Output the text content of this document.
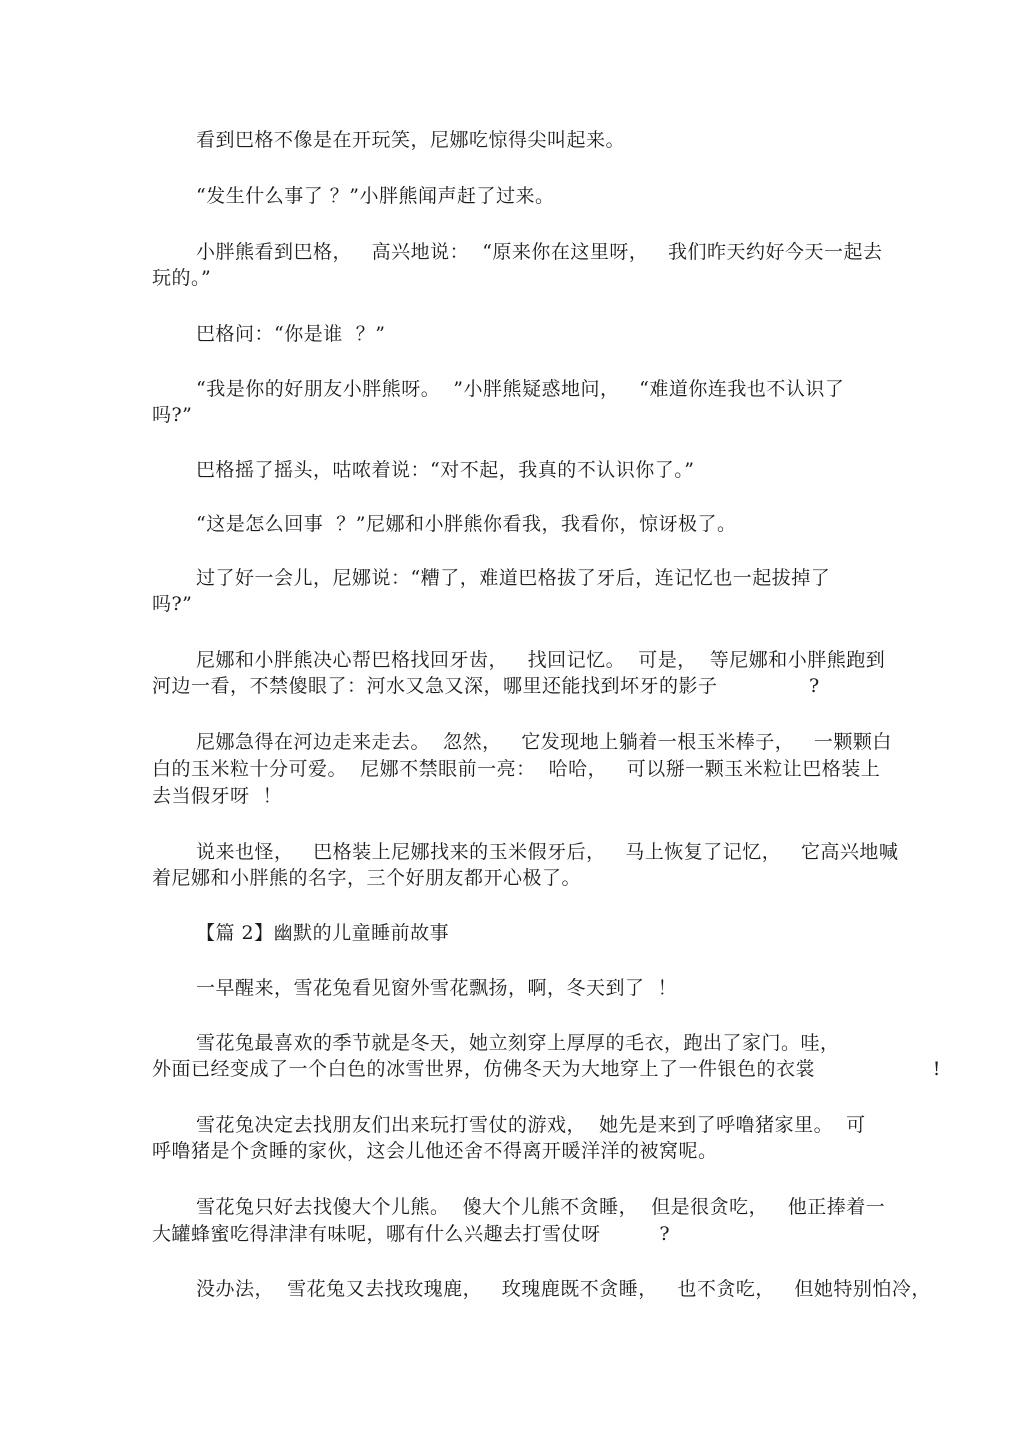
看到巴格不像是在开玩笑，尼娜吃惊得尖叫起来。
“发生什么事了 ？”小胖熊闻声赶了过来。
小胖熊看到巴格，   高兴地说：  “原来你在这里呀，   我们昨天约好今天一起去
玩的。”
巴格问：“你是谁  ？”
“我是你的好朋友小胖熊呀。  ”小胖熊疑惑地问，   “难道你连我也不认识了
吗?”
巴格摇了摇头，咕哝着说：“对不起，我真的不认识你了。”
“这是怎么回事  ？”尼娜和小胖熊你看我，我看你，惊讶极了。
过了好一会儿，尼娜说：“糟了，难道巴格拔了牙后，连记忆也一起拔掉了
吗?”
尼娜和小胖熊决心帮巴格找回牙齿，   找回记忆。  可是，  等尼娜和小胖熊跑到
河边一看，不禁傻眼了：河水又急又深，哪里还能找到坏牙的影子              ?
尼娜急得在河边走来走去。  忽然，   它发现地上躺着一根玉米棒子，   一颗颗白
白的玉米粒十分可爱。  尼娜不禁眼前一亮：  哈哈，   可以掰一颗玉米粒让巴格装上
去当假牙呀  ！
说来也怪，   巴格装上尼娜找来的玉米假牙后，   马上恢复了记忆，   它高兴地喊
着尼娜和小胖熊的名字，三个好朋友都开心极了。
【篇 2】幽默的儿童睡前故事
一早醒来，雪花兔看见窗外雪花飘扬，啊，冬天到了  ！
雪花兔最喜欢的季节就是冬天，她立刻穿上厚厚的毛衣，跑出了家门。哇，
外面已经变成了一个白色的冰雪世界，仿佛冬天为大地穿上了一件银色的衣裳                  !
雪花兔决定去找朋友们出来玩打雪仗的游戏，  她先是来到了呼噜猪家里。  可
呼噜猪是个贪睡的家伙，这会儿他还舍不得离开暖洋洋的被窝呢。
雪花兔只好去找傻大个儿熊。  傻大个儿熊不贪睡，  但是很贪吃，   他正捧着一
大罐蜂蜜吃得津津有味呢，哪有什么兴趣去打雪仗呀         ?
没办法，  雪花兔又去找玫瑰鹿，   玫瑰鹿既不贪睡，   也不贪吃，   但她特别怕冷，
